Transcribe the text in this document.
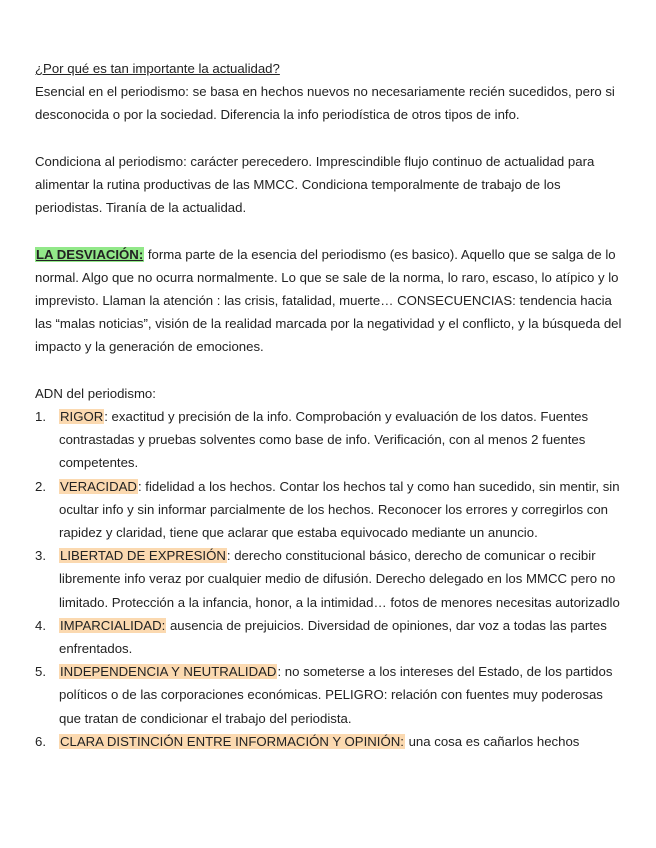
¿Por qué es tan importante la actualidad?

Esencial en el periodismo: se basa en hechos nuevos no necesariamente recién sucedidos, pero si desconocida o por la sociedad. Diferencia la info periodística de otros tipos de info.

Condiciona al periodismo: carácter perecedero. Imprescindible flujo continuo de actualidad para alimentar la rutina productivas de las MMCC. Condiciona temporalmente de trabajo de los periodistas. Tiranía de la actualidad.

LA DESVIACIÓN: forma parte de la esencia del periodismo (es basico). Aquello que se salga de lo normal. Algo que no ocurra normalmente. Lo que se sale de la norma, lo raro, escaso, lo atípico y lo imprevisto. Llaman la atención : las crisis, fatalidad, muerte… CONSECUENCIAS: tendencia hacia las “malas noticias”, visión de la realidad marcada por la negatividad y el conflicto, y la búsqueda del impacto y la generación de emociones.

ADN del periodismo:

1. RIGOR: exactitud y precisión de la info. Comprobación y evaluación de los datos. Fuentes contrastadas y pruebas solventes como base de info. Verificación, con al menos 2 fuentes competentes.
2. VERACIDAD: fidelidad a los hechos. Contar los hechos tal y como han sucedido, sin mentir, sin ocultar info y sin informar parcialmente de los hechos. Reconocer los errores y corregirlos con rapidez y claridad, tiene que aclarar que estaba equivocado mediante un anuncio.
3. LIBERTAD DE EXPRESIÓN: derecho constitucional básico, derecho de comunicar o recibir libremente info veraz por cualquier medio de difusión. Derecho delegado en los MMCC pero no limitado. Protección a la infancia, honor, a la intimidad… fotos de menores necesitas autorizadlo
4. IMPARCIALIDAD: ausencia de prejuicios. Diversidad de opiniones, dar voz a todas las partes enfrentados.
5. INDEPENDENCIA Y NEUTRALIDAD: no someterse a los intereses del Estado, de los partidos políticos o de las corporaciones económicas. PELIGRO: relación con fuentes muy poderosas que tratan de condicionar el trabajo del periodista.
6. CLARA DISTINCIÓN ENTRE INFORMACIÓN Y OPINIÓN: una cosa es cañarlos hechos
